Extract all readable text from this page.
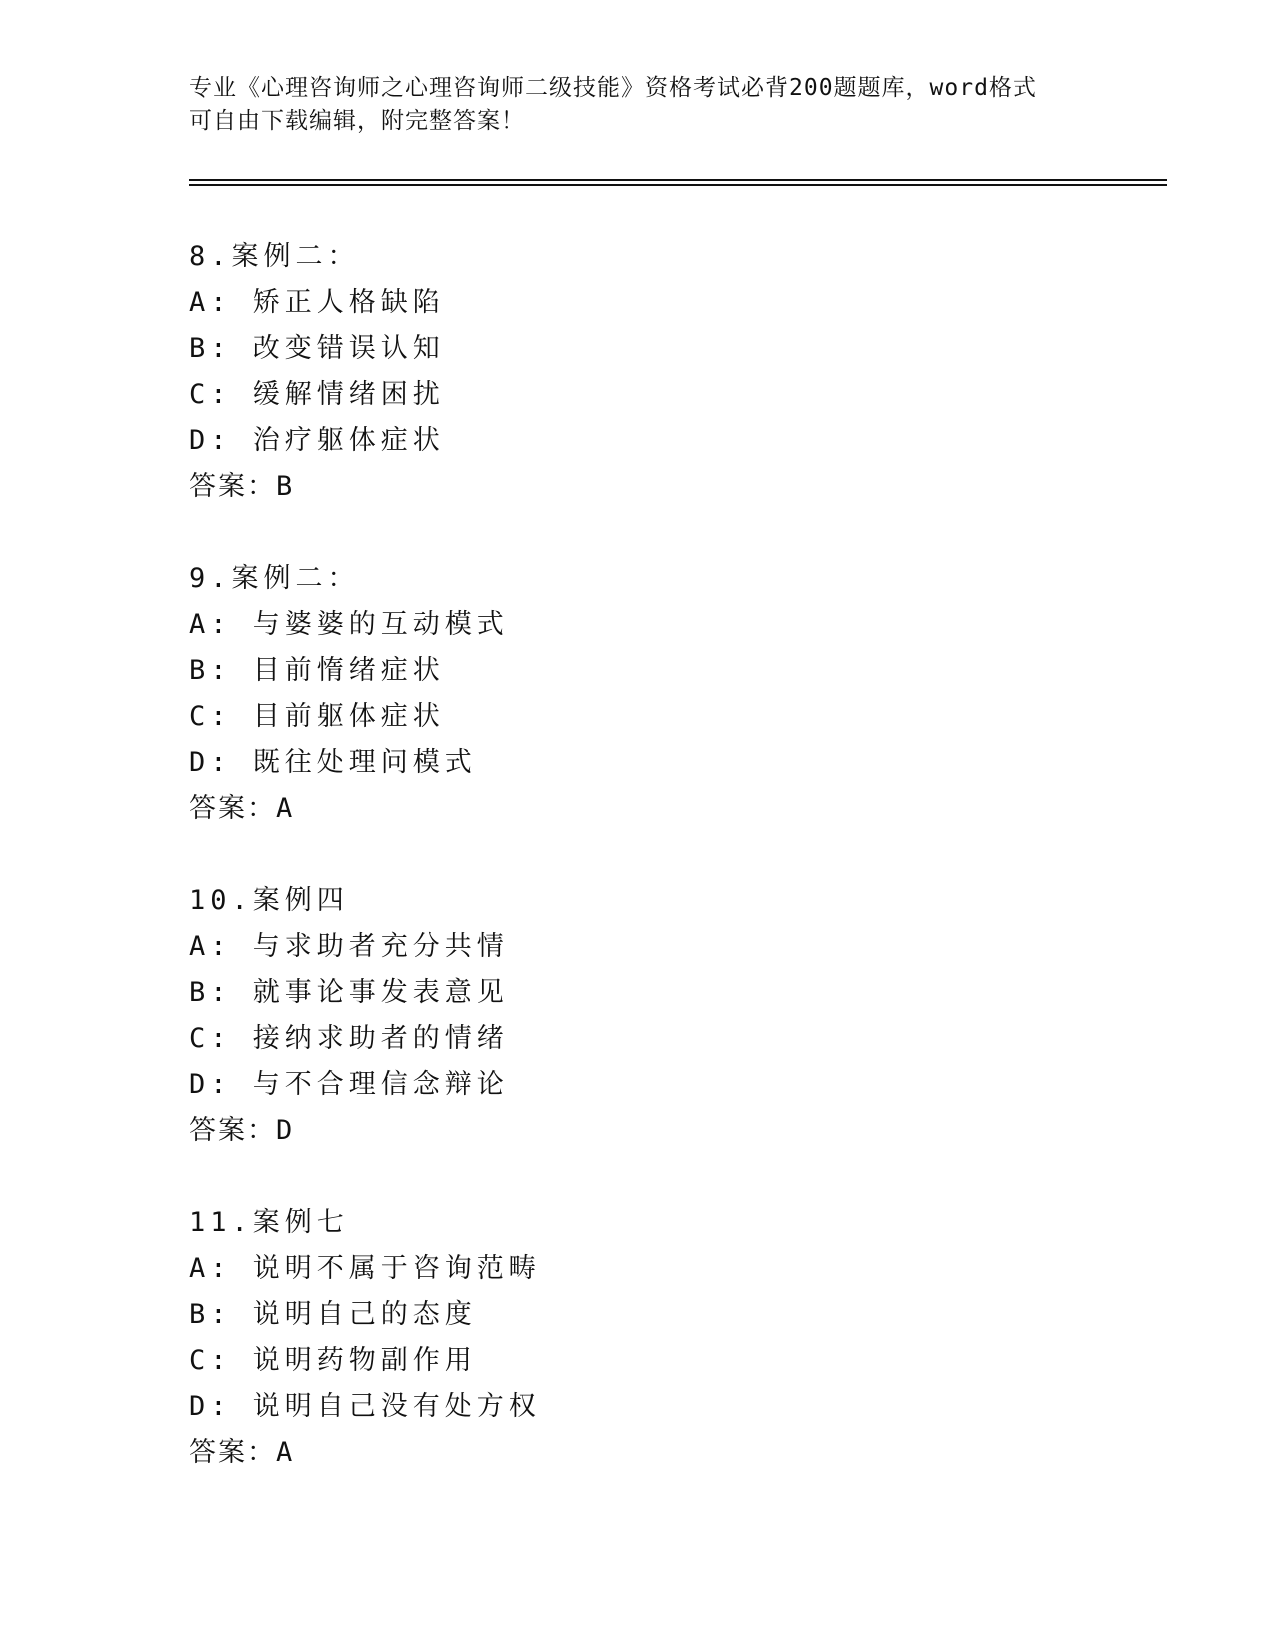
专业《心理咨询师之心理咨询师二级技能》资格考试必背200题题库，word格式
可自由下载编辑，附完整答案！
8.案例二：
A: 矫正人格缺陷
B: 改变错误认知
C: 缓解情绪困扰
D: 治疗躯体症状
答案：B
9.案例二：
A: 与婆婆的互动模式
B: 目前惰绪症状
C: 目前躯体症状
D: 既往处理问模式
答案：A
10.案例四
A: 与求助者充分共情
B: 就事论事发表意见
C: 接纳求助者的情绪
D: 与不合理信念辩论
答案：D
11.案例七
A: 说明不属于咨询范畴
B: 说明自己的态度
C: 说明药物副作用
D: 说明自己没有处方权
答案：A
